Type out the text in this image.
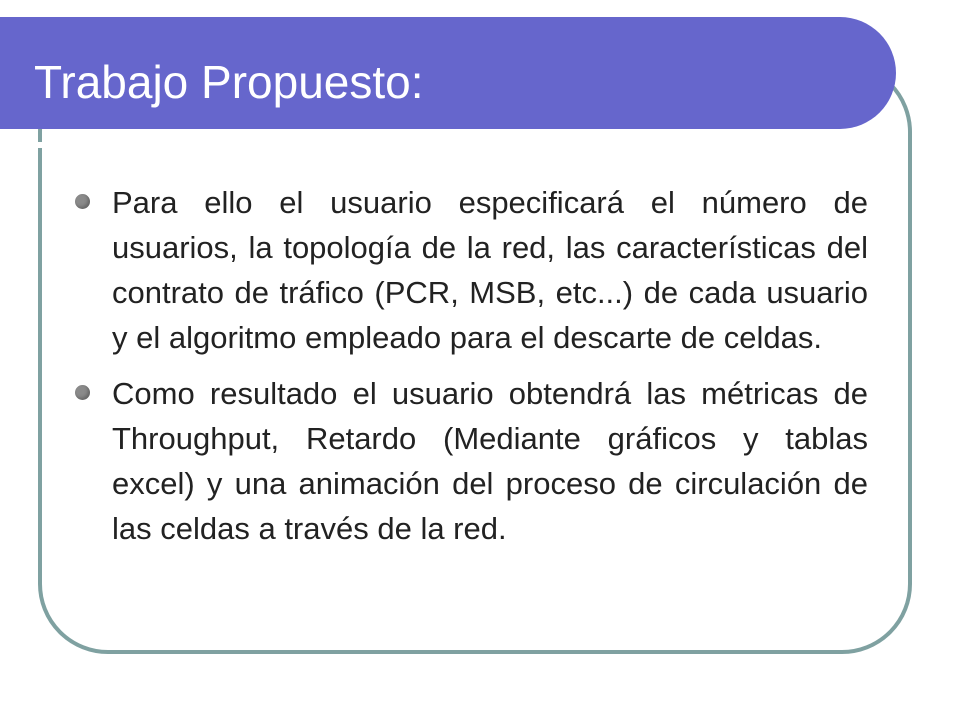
Trabajo Propuesto:

Para ello el usuario especificará el número de usuarios, la topología de la red, las características del contrato de tráfico (PCR, MSB, etc...) de cada usuario y el algoritmo empleado para el descarte de celdas.

Como resultado el usuario obtendrá las métricas de Throughput, Retardo (Mediante gráficos y tablas excel) y una animación del proceso de circulación de las celdas a través de la red.
